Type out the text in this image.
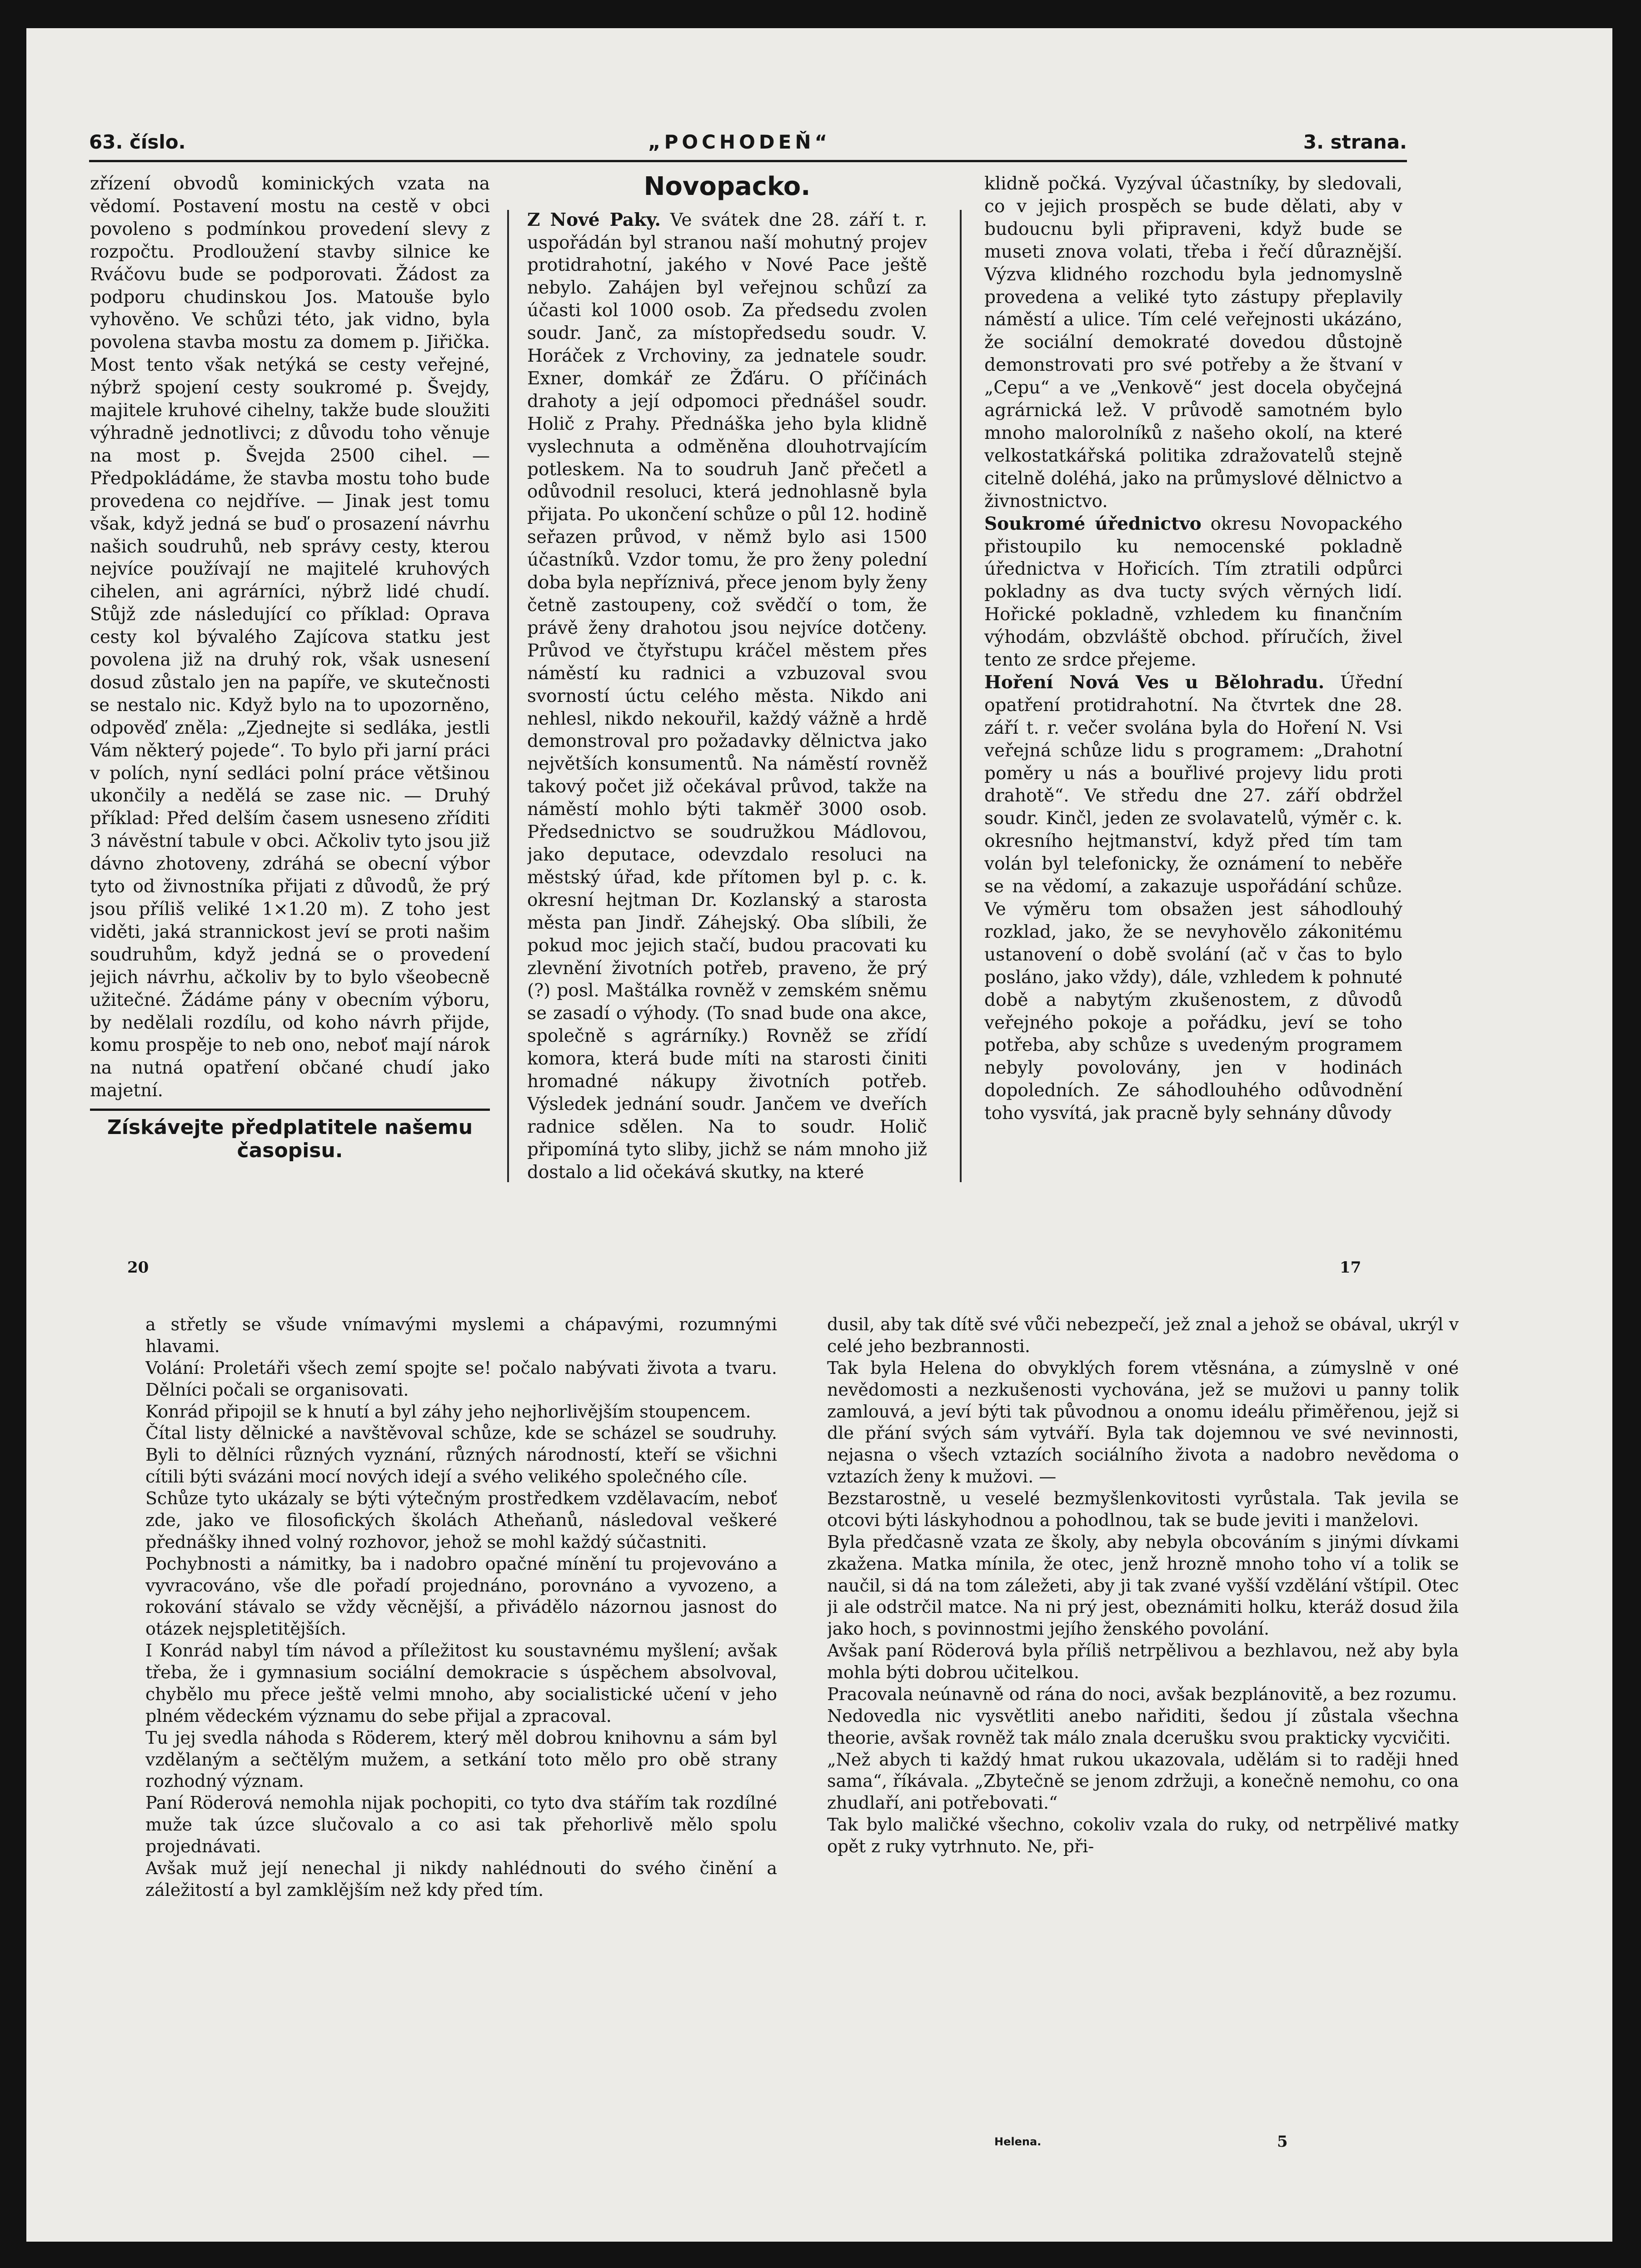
63. číslo.	„POCHODEŇ“	3. strana.
zřízení obvodů kominických vzata na vědomí. Postavení mostu na cestě v obci povoleno s podmínkou provedení slevy z rozpočtu. Prodloužení stavby silnice ke Rváčovu bude se podporovati. Žádost za podporu chudinskou Jos. Matouše bylo vyhověno. Ve schůzi této, jak vidno, byla povolena stavba mostu za domem p. Jiřička. Most tento však netýká se cesty veřejné, nýbrž spojení cesty soukromé p. Švejdy, majitele kruhové cihelny, takže bude sloužiti výhradně jednotlivci; z důvodu toho věnuje na most p. Švejda 2500 cihel. — Předpokládáme, že stavba mostu toho bude provedena co nejdříve. — Jinak jest tomu však, když jedná se buď o prosazení návrhu našich soudruhů, neb správy cesty, kterou nejvíce používají ne majitelé kruhových cihelen, ani agrárníci, nýbrž lidé chudí. Stůjž zde následující co příklad: Oprava cesty kol bývalého Zajícova statku jest povolena již na druhý rok, však usnesení dosud zůstalo jen na papíře, ve skutečnosti se nestalo nic. Když bylo na to upozorněno, odpověď zněla: „Zjednejte si sedláka, jestli Vám některý pojede“. To bylo při jarní práci v polích, nyní sedláci polní práce většinou ukončily a nedělá se zase nic. — Druhý příklad: Před delším časem usneseno zříditi 3 návěstní tabule v obci. Ačkoliv tyto jsou již dávno zhotoveny, zdráhá se obecní výbor tyto od živnostníka přijati z důvodů, že prý jsou příliš veliké 1×1.20 m). Z toho jest viděti, jaká strannickost jeví se proti našim soudruhům, když jedná se o provedení jejich návrhu, ačkoliv by to bylo všeobecně užitečné. Žádáme pány v obecním výboru, by nedělali rozdílu, od koho návrh přijde, komu prospěje to neb ono, neboť mají nárok na nutná opatření občané chudí jako majetní.
Získávejte předplatitele našemu časopisu.
Novopacko.
Z Nové Paky. Ve svátek dne 28. září t. r. uspořádán byl stranou naší mohutný projev protidrahotní, jakého v Nové Pace ještě nebylo. Zahájen byl veřejnou schůzí za účasti kol 1000 osob. Za předsedu zvolen soudr. Janč, za místopředsedu soudr. V. Horáček z Vrchoviny, za jednatele soudr. Exner, domkář ze Žďáru. O příčinách drahoty a její odpomoci přednášel soudr. Holič z Prahy. Přednáška jeho byla klidně vyslechnuta a odměněna dlouhotrvajícím potleskem. Na to soudruh Janč přečetl a odůvodnil resoluci, která jednohlasně byla přijata. Po ukončení schůze o půl 12. hodině seřazen průvod, v němž bylo asi 1500 účastníků. Vzdor tomu, že pro ženy polední doba byla nepříznivá, přece jenom byly ženy četně zastoupeny, což svědčí o tom, že právě ženy drahotou jsou nejvíce dotčeny. Průvod ve čtyřstupu kráčel městem přes náměstí ku radnici a vzbuzoval svou svorností úctu celého města. Nikdo ani nehlesl, nikdo nekouřil, každý vážně a hrdě demonstroval pro požadavky dělnictva jako největších konsumentů. Na náměstí rovněž takový počet již očekával průvod, takže na náměstí mohlo býti takměř 3000 osob. Předsednictvo se soudružkou Mádlovou, jako deputace, odevzdalo resoluci na městský úřad, kde přítomen byl p. c. k. okresní hejtman Dr. Kozlanský a starosta města pan Jindř. Záhejský. Oba slíbili, že pokud moc jejich stačí, budou pracovati ku zlevnění životních potřeb, praveno, že prý (?) posl. Maštálka rovněž v zemském sněmu se zasadí o výhody. (To snad bude ona akce, společně s agrárníky.) Rovněž se zřídí komora, která bude míti na starosti činiti hromadné nákupy životních potřeb. Výsledek jednání soudr. Jančem ve dveřích radnice sdělen. Na to soudr. Holič připomíná tyto sliby, jichž se nám mnoho již dostalo a lid očekává skutky, na které
klidně počká. Vyzýval účastníky, by sledovali, co v jejich prospěch se bude dělati, aby v budoucnu byli připraveni, když bude se museti znova volati, třeba i řečí důraznější. Výzva klidného rozchodu byla jednomyslně provedena a veliké tyto zástupy přeplavily náměstí a ulice. Tím celé veřejnosti ukázáno, že sociální demokraté dovedou důstojně demonstrovati pro své potřeby a že štvaní v „Cepu“ a ve „Venkově“ jest docela obyčejná agrárnická lež. V průvodě samotném bylo mnoho malorolníků z našeho okolí, na které velkostatkářská politika zdražovatelů stejně citelně doléhá, jako na průmyslové dělnictvo a živnostnictvo.
Soukromé úřednictvo okresu Novopackého přistoupilo ku nemocenské pokladně úřednictva v Hořicích. Tím ztratili odpůrci pokladny as dva tucty svých věrných lidí. Hořické pokladně, vzhledem ku finančním výhodám, obzvláště obchod. příručích, živel tento ze srdce přejeme.
Hoření Nová Ves u Bělohradu. Úřední opatření protidrahotní. Na čtvrtek dne 28. září t. r. večer svolána byla do Hoření N. Vsi veřejná schůze lidu s programem: „Drahotní poměry u nás a bouřlivé projevy lidu proti drahotě“. Ve středu dne 27. září obdržel soudr. Kinčl, jeden ze svolavatelů, výměr c. k. okresního hejtmanství, když před tím tam volán byl telefonicky, že oznámení to neběře se na vědomí, a zakazuje uspořádání schůze. Ve výměru tom obsažen jest sáhodlouhý rozklad, jako, že se nevyhovělo zákonitému ustanovení o době svolání (ač v čas to bylo posláno, jako vždy), dále, vzhledem k pohnuté době a nabytým zkušenostem, z důvodů veřejného pokoje a pořádku, jeví se toho potřeba, aby schůze s uvedeným programem nebyly povolovány, jen v hodinách dopoledních. Ze sáhodlouhého odůvodnění toho vysvítá, jak pracně byly sehnány důvody
20	17
a střetly se všude vnímavými myslemi a chápavými, rozumnými hlavami.
Volání: Proletáři všech zemí spojte se! počalo nabývati života a tvaru. Dělníci počali se organisovati.
Konrád připojil se k hnutí a byl záhy jeho nejhorlivějším stoupencem.
Čítal listy dělnické a navštěvoval schůze, kde se scházel se soudruhy. Byli to dělníci různých vyznání, různých národností, kteří se všichni cítili býti svázáni mocí nových idejí a svého velikého společného cíle.
Schůze tyto ukázaly se býti výtečným prostředkem vzdělavacím, neboť zde, jako ve filosofických školách Atheňanů, následoval veškeré přednášky ihned volný rozhovor, jehož se mohl každý súčastniti.
Pochybnosti a námitky, ba i nadobro opačné mínění tu projevováno a vyvracováno, vše dle pořadí projednáno, porovnáno a vyvozeno, a rokování stávalo se vždy věcnější, a přivádělo názornou jasnost do otázek nejspletitějších.
I Konrád nabyl tím návod a příležitost ku soustavnému myšlení; avšak třeba, že i gymnasium sociální demokracie s úspěchem absolvoval, chybělo mu přece ještě velmi mnoho, aby socialistické učení v jeho plném vědeckém významu do sebe přijal a zpracoval.
Tu jej svedla náhoda s Röderem, který měl dobrou knihovnu a sám byl vzdělaným a sečtělým mužem, a setkání toto mělo pro obě strany rozhodný význam.
Paní Röderová nemohla nijak pochopiti, co tyto dva stářím tak rozdílné muže tak úzce slučovalo a co asi tak přehorlivě mělo spolu projednávati.
Avšak muž její nenechal ji nikdy nahlédnouti do svého činění a záležitostí a byl zamklějším než kdy před tím.
dusil, aby tak dítě své vůči nebezpečí, jež znal a jehož se obával, ukrýl v celé jeho bezbrannosti.
Tak byla Helena do obvyklých forem vtěsnána, a zúmyslně v oné nevědomosti a nezkušenosti vychována, jež se mužovi u panny tolik zamlouvá, a jeví býti tak původnou a onomu ideálu přiměřenou, jejž si dle přání svých sám vytváří. Byla tak dojemnou ve své nevinnosti, nejasna o všech vztazích sociálního života a nadobro nevědoma o vztazích ženy k mužovi. —
Bezstarostně, u veselé bezmyšlenkovitosti vyrůstala. Tak jevila se otcovi býti láskyhodnou a pohodlnou, tak se bude jeviti i manželovi.
Byla předčasně vzata ze školy, aby nebyla obcováním s jinými dívkami zkažena. Matka mínila, že otec, jenž hrozně mnoho toho ví a tolik se naučil, si dá na tom záležeti, aby ji tak zvané vyšší vzdělání vštípil. Otec ji ale odstrčil matce. Na ni prý jest, obeznámiti holku, kteráž dosud žila jako hoch, s povinnostmi jejího ženského povolání.
Avšak paní Röderová byla příliš netrpělivou a bezhlavou, než aby byla mohla býti dobrou učitelkou.
Pracovala neúnavně od rána do noci, avšak bezplánovitě, a bez rozumu.
Nedovedla nic vysvětliti anebo nařiditi, šedou jí zůstala všechna theorie, avšak rovněž tak málo znala dcerušku svou prakticky vycvičiti.
„Než abych ti každý hmat rukou ukazovala, udělám si to raději hned sama“, říkávala. „Zbytečně se jenom zdržuji, a konečně nemohu, co ona zhudlaří, ani potřebovati.“
Tak bylo maličké všechno, cokoliv vzala do ruky, od netrpělivé matky opět z ruky vytrhnuto. Ne, při-
Helena.	5
